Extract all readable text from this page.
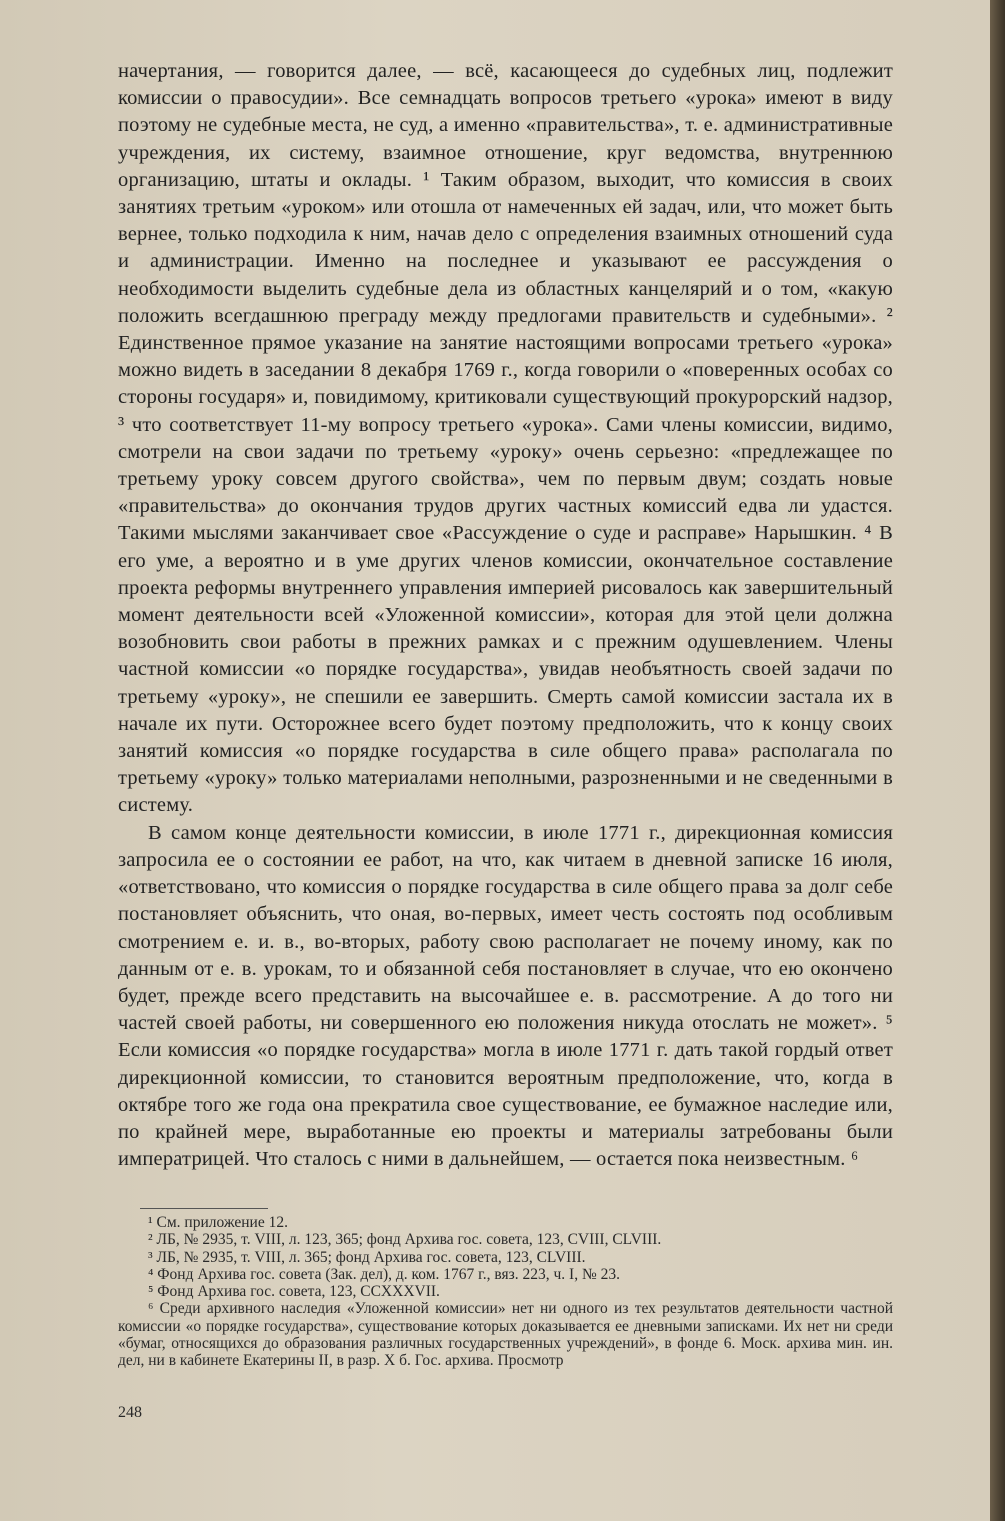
начертания, — говорится далее, — всё, касающееся до судебных лиц, подлежит комиссии о правосудии». Все семнадцать вопросов третьего «урока» имеют в виду поэтому не судебные места, не суд, а именно «правительства», т. е. административные учреждения, их систему, взаимное отношение, круг ведомства, внутреннюю организацию, штаты и оклады. ¹ Таким образом, выходит, что комиссия в своих занятиях третьим «уроком» или отошла от намеченных ей задач, или, что может быть вернее, только подходила к ним, начав дело с определения взаимных отношений суда и администрации. Именно на последнее и указывают ее рассуждения о необходимости выделить судебные дела из областных канцелярий и о том, «какую положить всегдашнюю преграду между предлогами правительств и судебными». ² Единственное прямое указание на занятие настоящими вопросами третьего «урока» можно видеть в заседании 8 декабря 1769 г., когда говорили о «поверенных особах со стороны государя» и, повидимому, критиковали существующий прокурорский надзор, ³ что соответствует 11-му вопросу третьего «урока». Сами члены комиссии, видимо, смотрели на свои задачи по третьему «уроку» очень серьезно: «предлежащее по третьему уроку совсем другого свойства», чем по первым двум; создать новые «правительства» до окончания трудов других частных комиссий едва ли удастся. Такими мыслями заканчивает свое «Рассуждение о суде и расправе» Нарышкин. ⁴ В его уме, а вероятно и в уме других членов комиссии, окончательное составление проекта реформы внутреннего управления империей рисовалось как завершительный момент деятельности всей «Уложенной комиссии», которая для этой цели должна возобновить свои работы в прежних рамках и с прежним одушевлением. Члены частной комиссии «о порядке государства», увидав необъятность своей задачи по третьему «уроку», не спешили ее завершить. Смерть самой комиссии застала их в начале их пути. Осторожнее всего будет поэтому предположить, что к концу своих занятий комиссия «о порядке государства в силе общего права» располагала по третьему «уроку» только материалами неполными, разрозненными и не сведенными в систему.

В самом конце деятельности комиссии, в июле 1771 г., дирекционная комиссия запросила ее о состоянии ее работ, на что, как читаем в дневной записке 16 июля, «ответствовано, что комиссия о порядке государства в силе общего права за долг себе постановляет объяснить, что оная, во-первых, имеет честь состоять под особливым смотрением е. и. в., во-вторых, работу свою располагает не почему иному, как по данным от е. в. урокам, то и обязанной себя постановляет в случае, что ею окончено будет, прежде всего представить на высочайшее е. в. рассмотрение. А до того ни частей своей работы, ни совершенного ею положения никуда отослать не может». ⁵ Если комиссия «о порядке государства» могла в июле 1771 г. дать такой гордый ответ дирекционной комиссии, то становится вероятным предположение, что, когда в октябре того же года она прекратила свое существование, ее бумажное наследие или, по крайней мере, выработанные ею проекты и материалы затребованы были императрицей. Что сталось с ними в дальнейшем, — остается пока неизвестным. ⁶

¹ См. приложение 12.

² ЛБ, № 2935, т. VIII, л. 123, 365; фонд Архива гос. совета, 123, CVIII, CLVIII.

³ ЛБ, № 2935, т. VIII, л. 365; фонд Архива гос. совета, 123, CLVIII.

⁴ Фонд Архива гос. совета (Зак. дел), д. ком. 1767 г., вяз. 223, ч. I, № 23.

⁵ Фонд Архива гос. совета, 123, CCXXXVII.

⁶ Среди архивного наследия «Уложенной комиссии» нет ни одного из тех результатов деятельности частной комиссии «о порядке государства», существование которых доказывается ее дневными записками. Их нет ни среди «бумаг, относящихся до образования различных государственных учреждений», в фонде 6. Моск. архива мин. ин. дел, ни в кабинете Екатерины II, в разр. X б. Гос. архива. Просмотр

248
